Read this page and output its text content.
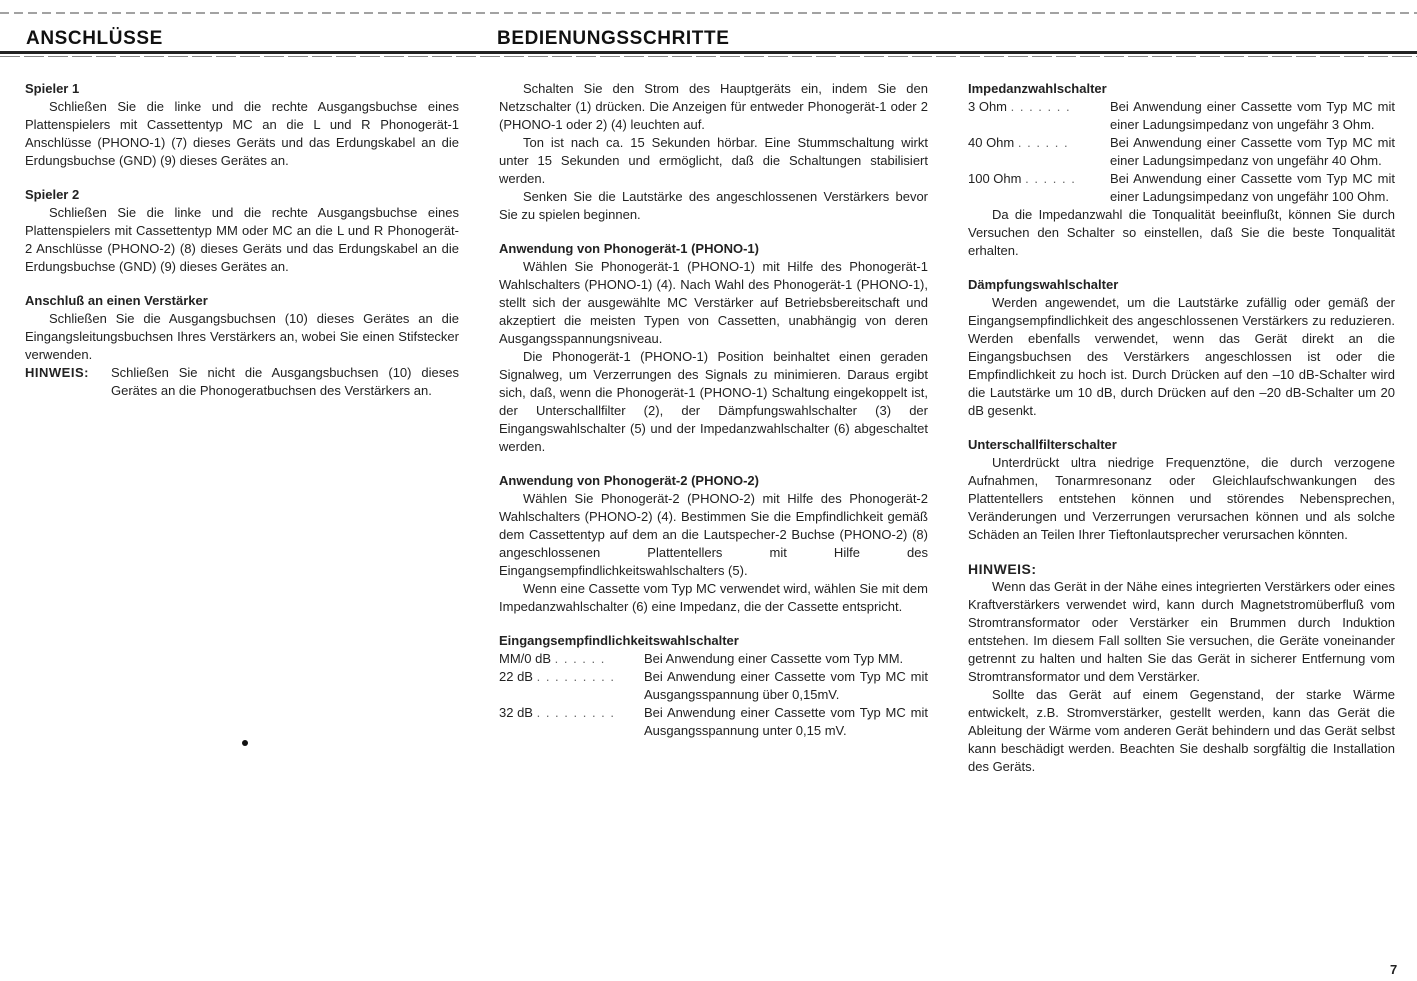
ANSCHLÜSSE	BEDIENUNGSSCHRITTE

Spieler 1

Schließen Sie die linke und die rechte Ausgangsbuchse eines Plattenspielers mit Cassettentyp MC an die L und R Phonogerät-1 Anschlüsse (PHONO-1) (7) dieses Geräts und das Erdungskabel an die Erdungsbuchse (GND) (9) dieses Gerätes an.

Spieler 2

Schließen Sie die linke und die rechte Ausgangsbuchse eines Plattenspielers mit Cassettentyp MM oder MC an die L und R Phonogerät-2 Anschlüsse (PHONO-2) (8) dieses Geräts und das Erdungskabel an die Erdungsbuchse (GND) (9) dieses Gerätes an.

Anschluß an einen Verstärker

Schließen Sie die Ausgangsbuchsen (10) dieses Gerätes an die Eingangsleitungsbuchsen Ihres Verstärkers an, wobei Sie einen Stifstecker verwenden.

HINWEIS:	Schließen Sie nicht die Ausgangsbuchsen (10) dieses Gerätes an die Phonogeratbuchsen des Verstärkers an.

Schalten Sie den Strom des Hauptgeräts ein, indem Sie den Netzschalter (1) drücken. Die Anzeigen für entweder Phonogerät-1 oder 2 (PHONO-1 oder 2) (4) leuchten auf.

Ton ist nach ca. 15 Sekunden hörbar. Eine Stummschaltung wirkt unter 15 Sekunden und ermöglicht, daß die Schaltungen stabilisiert werden.

Senken Sie die Lautstärke des angeschlossenen Verstärkers bevor Sie zu spielen beginnen.

Anwendung von Phonogerät-1 (PHONO-1)

Wählen Sie Phonogerät-1 (PHONO-1) mit Hilfe des Phonogerät-1 Wahlschalters (PHONO-1) (4). Nach Wahl des Phonogerät-1 (PHONO-1), stellt sich der ausgewählte MC Verstärker auf Betriebsbereitschaft und akzeptiert die meisten Typen von Cassetten, unabhängig von deren Ausgangsspannungsniveau.

Die Phonogerät-1 (PHONO-1) Position beinhaltet einen geraden Signalweg, um Verzerrungen des Signals zu minimieren. Daraus ergibt sich, daß, wenn die Phonogerät-1 (PHONO-1) Schaltung eingekoppelt ist, der Unterschallfilter (2), der Dämpfungswahlschalter (3) der Eingangswahlschalter (5) und der Impedanzwahlschalter (6) abgeschaltet werden.

Anwendung von Phonogerät-2 (PHONO-2)

Wählen Sie Phonogerät-2 (PHONO-2) mit Hilfe des Phonogerät-2 Wahlschalters (PHONO-2) (4). Bestimmen Sie die Empfindlichkeit gemäß dem Cassettentyp auf dem an die Lautspecher-2 Buchse (PHONO-2) (8) angeschlossenen Plattentellers mit Hilfe des Eingangsempfindlichkeitswahlschalters (5).

Wenn eine Cassette vom Typ MC verwendet wird, wählen Sie mit dem Impedanzwahlschalter (6) eine Impedanz, die der Cassette entspricht.

Eingangsempfindlichkeitswahlschalter

MM/0 dB . . . . . .	Bei Anwendung einer Cassette vom Typ MM.
22 dB . . . . . . . . .	Bei Anwendung einer Cassette vom Typ MC mit Ausgangsspannung über 0,15mV.
32 dB . . . . . . . . .	Bei Anwendung einer Cassette vom Typ MC mit Ausgangsspannung unter 0,15 mV.

Impedanzwahlschalter

3 Ohm . . . . . . .	Bei Anwendung einer Cassette vom Typ MC mit einer Ladungsimpedanz von ungefähr 3 Ohm.
40 Ohm . . . . . .	Bei Anwendung einer Cassette vom Typ MC mit einer Ladungsimpedanz von ungefähr 40 Ohm.
100 Ohm . . . . . .	Bei Anwendung einer Cassette vom Typ MC mit einer Ladungsimpedanz von ungefähr 100 Ohm.

Da die Impedanzwahl die Tonqualität beeinflußt, können Sie durch Versuchen den Schalter so einstellen, daß Sie die beste Tonqualität erhalten.

Dämpfungswahlschalter

Werden angewendet, um die Lautstärke zufällig oder gemäß der Eingangsempfindlichkeit des angeschlossenen Verstärkers zu reduzieren. Werden ebenfalls verwendet, wenn das Gerät direkt an die Eingangsbuchsen des Verstärkers angeschlossen ist oder die Empfindlichkeit zu hoch ist. Durch Drücken auf den –10 dB-Schalter wird die Lautstärke um 10 dB, durch Drücken auf den –20 dB-Schalter um 20 dB gesenkt.

Unterschallfilterschalter

Unterdrückt ultra niedrige Frequenztöne, die durch verzogene Aufnahmen, Tonarmresonanz oder Gleichlaufschwankungen des Plattentellers entstehen können und störendes Nebensprechen, Veränderungen und Verzerrungen verursachen können und als solche Schäden an Teilen Ihrer Tieftonlautsprecher verursachen könnten.

HINWEIS:

Wenn das Gerät in der Nähe eines integrierten Verstärkers oder eines Kraftverstärkers verwendet wird, kann durch Magnetstromüberfluß vom Stromtransformator oder Verstärker ein Brummen durch Induktion entstehen. Im diesem Fall sollten Sie versuchen, die Geräte voneinander getrennt zu halten und halten Sie das Gerät in sicherer Entfernung vom Stromtransformator und dem Verstärker.

Sollte das Gerät auf einem Gegenstand, der starke Wärme entwickelt, z.B. Stromverstärker, gestellt werden, kann das Gerät die Ableitung der Wärme vom anderen Gerät behindern und das Gerät selbst kann beschädigt werden. Beachten Sie deshalb sorgfältig die Installation des Geräts.

7
